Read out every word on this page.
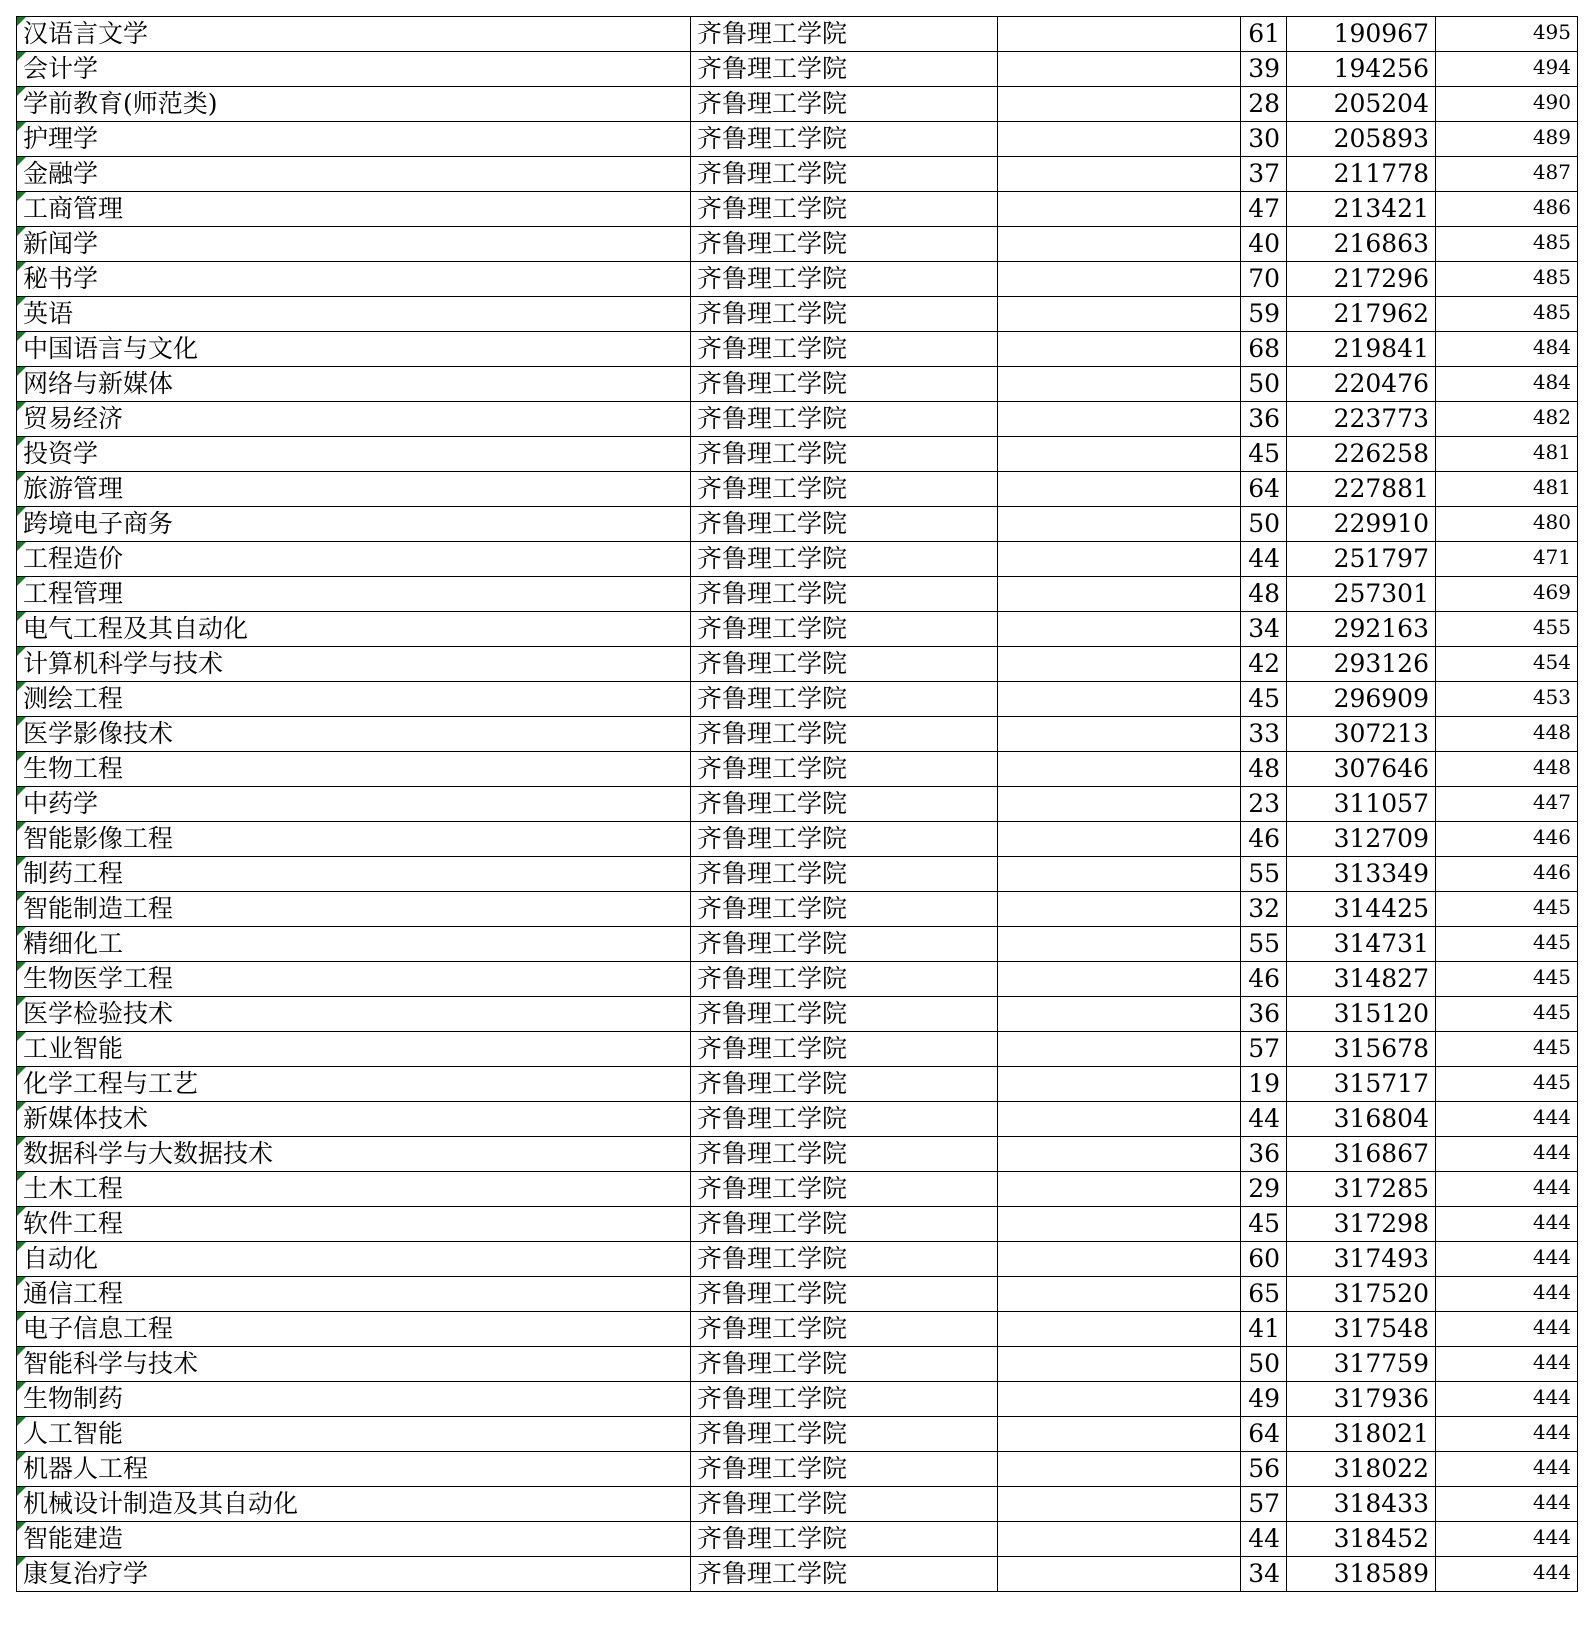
汉语言文学	齐鲁理工学院		61	190967	495
会计学	齐鲁理工学院		39	194256	494
学前教育(师范类)	齐鲁理工学院		28	205204	490
护理学	齐鲁理工学院		30	205893	489
金融学	齐鲁理工学院		37	211778	487
工商管理	齐鲁理工学院		47	213421	486
新闻学	齐鲁理工学院		40	216863	485
秘书学	齐鲁理工学院		70	217296	485
英语	齐鲁理工学院		59	217962	485
中国语言与文化	齐鲁理工学院		68	219841	484
网络与新媒体	齐鲁理工学院		50	220476	484
贸易经济	齐鲁理工学院		36	223773	482
投资学	齐鲁理工学院		45	226258	481
旅游管理	齐鲁理工学院		64	227881	481
跨境电子商务	齐鲁理工学院		50	229910	480
工程造价	齐鲁理工学院		44	251797	471
工程管理	齐鲁理工学院		48	257301	469
电气工程及其自动化	齐鲁理工学院		34	292163	455
计算机科学与技术	齐鲁理工学院		42	293126	454
测绘工程	齐鲁理工学院		45	296909	453
医学影像技术	齐鲁理工学院		33	307213	448
生物工程	齐鲁理工学院		48	307646	448
中药学	齐鲁理工学院		23	311057	447
智能影像工程	齐鲁理工学院		46	312709	446
制药工程	齐鲁理工学院		55	313349	446
智能制造工程	齐鲁理工学院		32	314425	445
精细化工	齐鲁理工学院		55	314731	445
生物医学工程	齐鲁理工学院		46	314827	445
医学检验技术	齐鲁理工学院		36	315120	445
工业智能	齐鲁理工学院		57	315678	445
化学工程与工艺	齐鲁理工学院		19	315717	445
新媒体技术	齐鲁理工学院		44	316804	444
数据科学与大数据技术	齐鲁理工学院		36	316867	444
土木工程	齐鲁理工学院		29	317285	444
软件工程	齐鲁理工学院		45	317298	444
自动化	齐鲁理工学院		60	317493	444
通信工程	齐鲁理工学院		65	317520	444
电子信息工程	齐鲁理工学院		41	317548	444
智能科学与技术	齐鲁理工学院		50	317759	444
生物制药	齐鲁理工学院		49	317936	444
人工智能	齐鲁理工学院		64	318021	444
机器人工程	齐鲁理工学院		56	318022	444
机械设计制造及其自动化	齐鲁理工学院		57	318433	444
智能建造	齐鲁理工学院		44	318452	444
康复治疗学	齐鲁理工学院		34	318589	444
